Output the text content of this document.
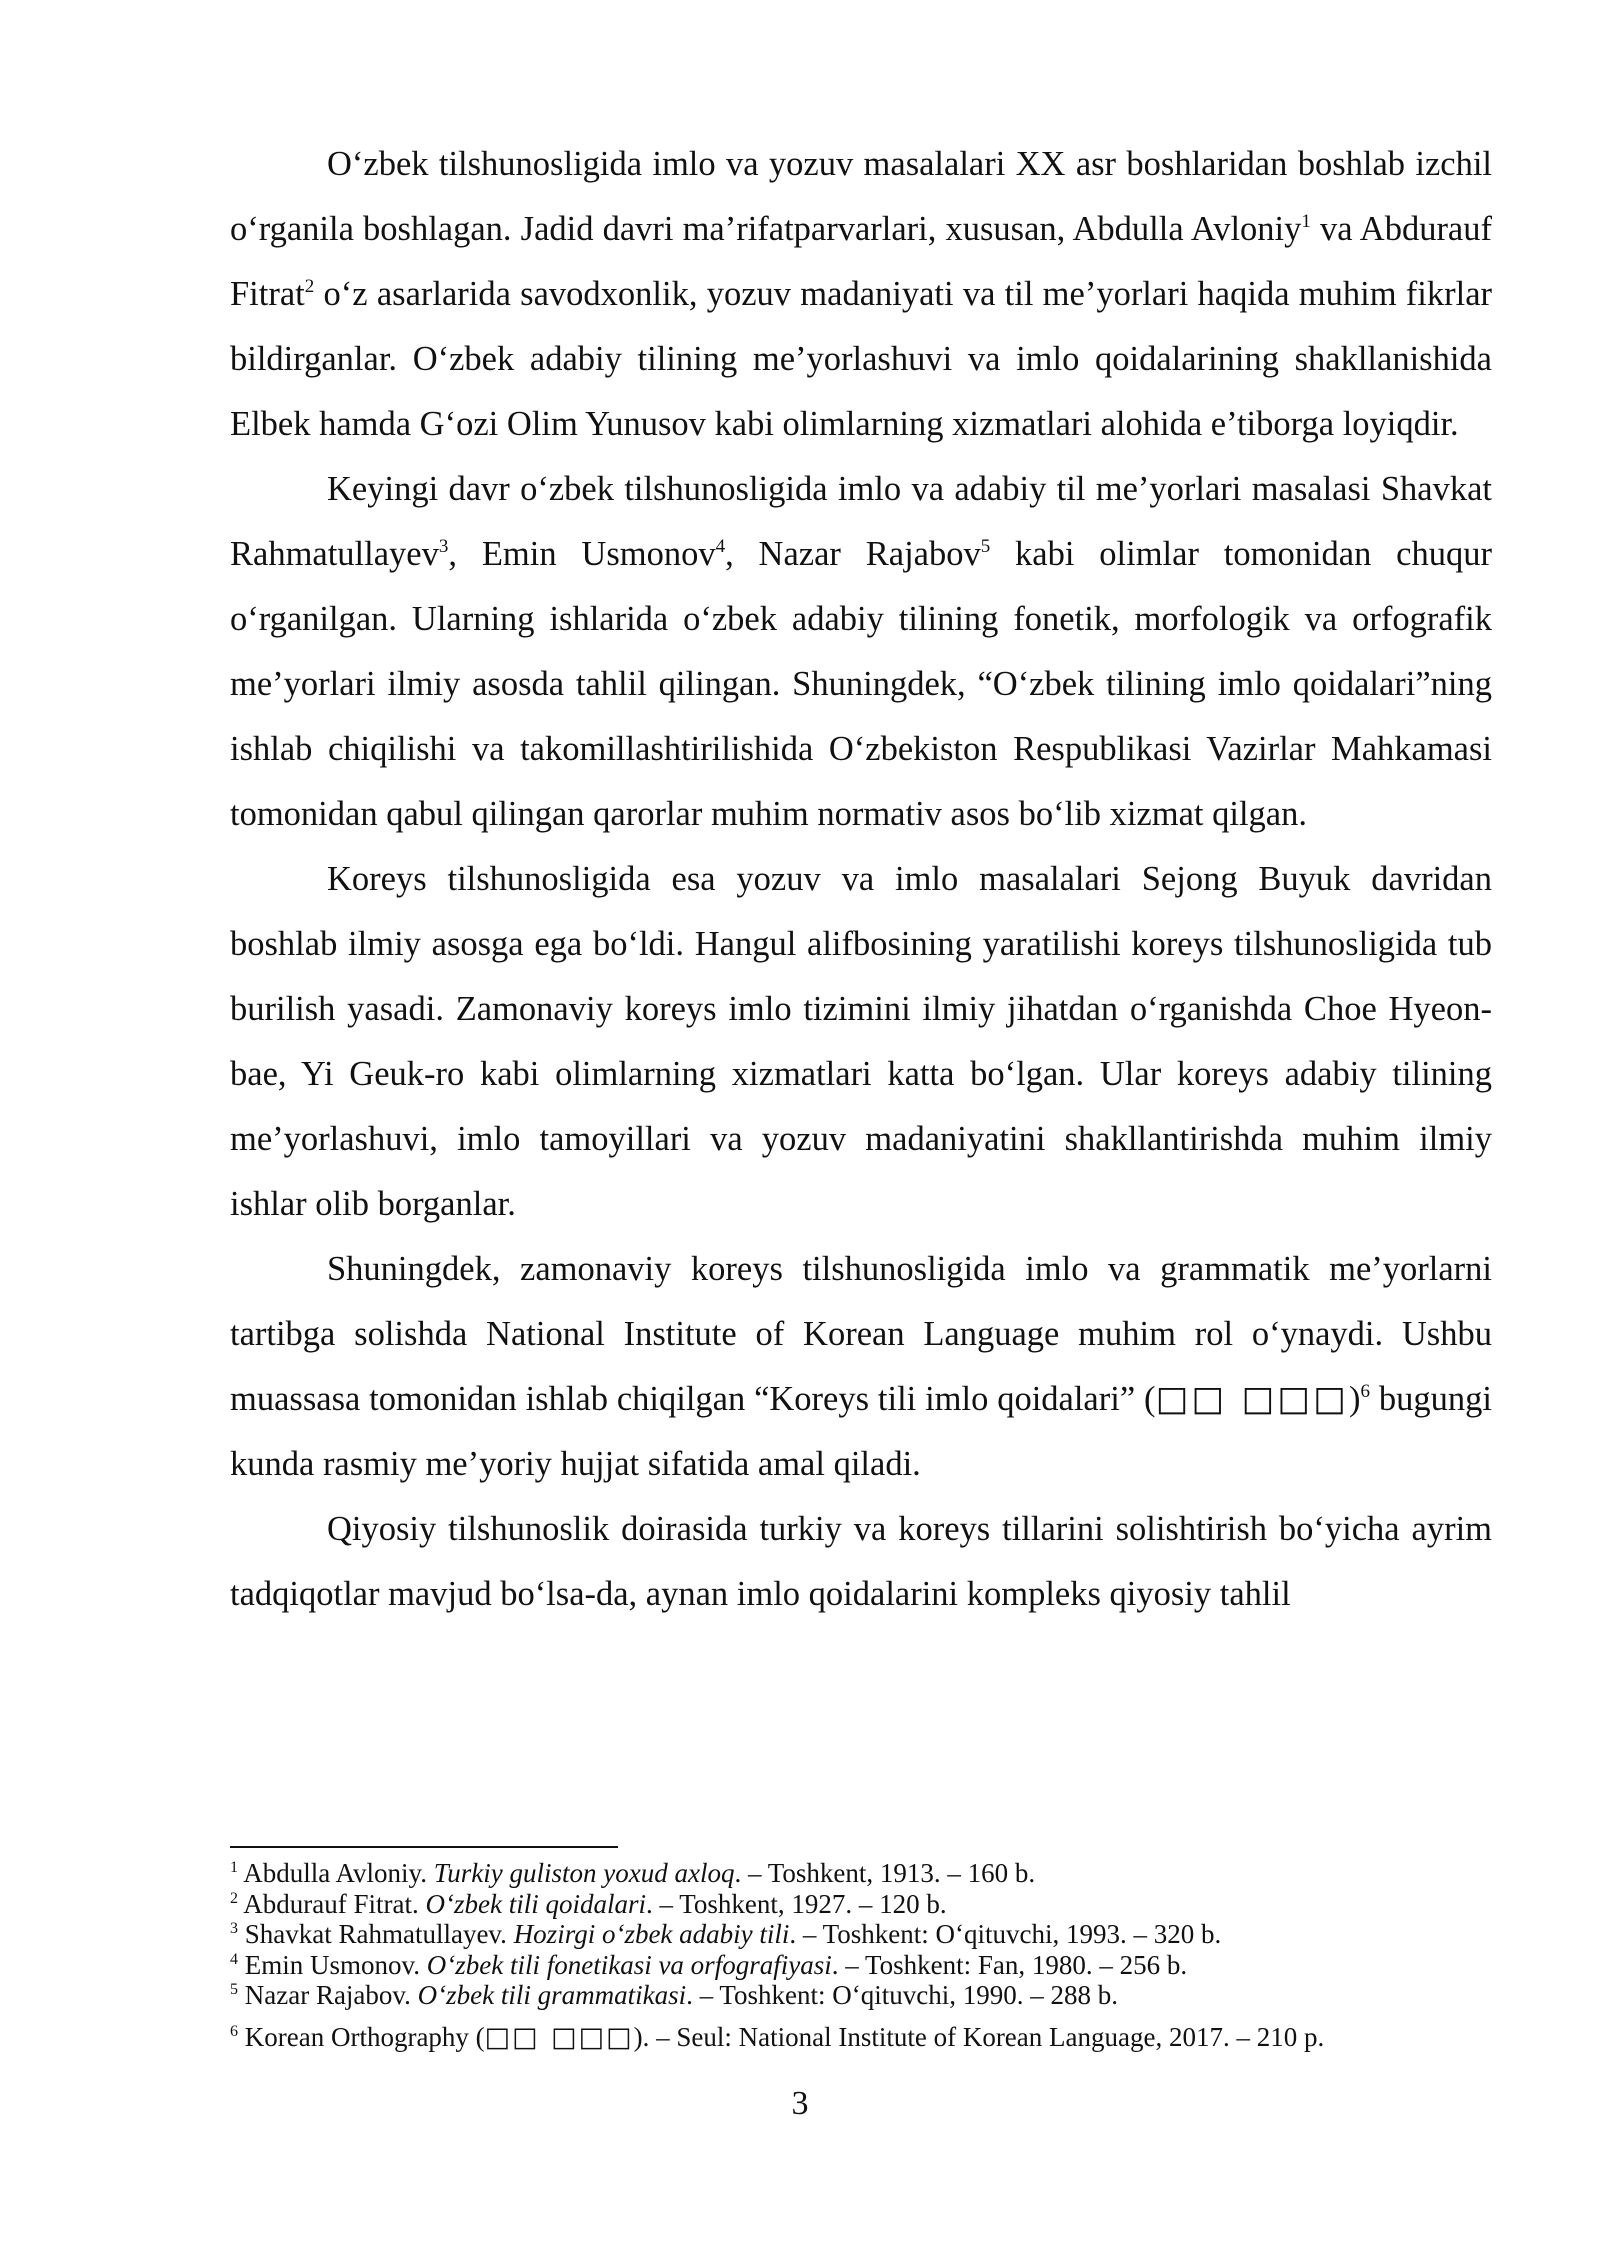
O‘zbek tilshunosligida imlo va yozuv masalalari XX asr boshlaridan boshlab izchil o‘rganila boshlagan. Jadid davri ma’rifatparvarlari, xususan, Abdulla Avloniy$^1$ va Abdurauf Fitrat$^2$ o‘z asarlarida savodxonlik, yozuv madaniyati va til me’yorlari haqida muhim fikrlar bildirganlar. O‘zbek adabiy tilining me’yorlashuvi va imlo qoidalarining shakllanishida Elbek hamda G‘ozi Olim Yunusov kabi olimlarning xizmatlari alohida e’tiborga loyiqdir.

Keyingi davr o‘zbek tilshunosligida imlo va adabiy til me’yorlari masalasi Shavkat Rahmatullayev$^3$, Emin Usmonov$^4$, Nazar Rajabov$^5$ kabi olimlar tomonidan chuqur o‘rganilgan. Ularning ishlarida o‘zbek adabiy tilining fonetik, morfologik va orfografik me’yorlari ilmiy asosda tahlil qilingan. Shuningdek, “O‘zbek tilining imlo qoidalari”ning ishlab chiqilishi va takomillashtirilishida O‘zbekiston Respublikasi Vazirlar Mahkamasi tomonidan qabul qilingan qarorlar muhim normativ asos bo‘lib xizmat qilgan.

Koreys tilshunosligida esa yozuv va imlo masalalari Sejong Buyuk davridan boshlab ilmiy asosga ega bo‘ldi. Hangul alifbosining yaratilishi koreys tilshunosligida tub burilish yasadi. Zamonaviy koreys imlo tizimini ilmiy jihatdan o‘rganishda Choe Hyeon-bae, Yi Geuk-ro kabi olimlarning xizmatlari katta bo‘lgan. Ular koreys adabiy tilining me’yorlashuvi, imlo tamoyillari va yozuv madaniyatini shakllantirishda muhim ilmiy ishlar olib borganlar.

Shuningdek, zamonaviy koreys tilshunosligida imlo va grammatik me’yorlarni tartibga solishda National Institute of Korean Language muhim rol o‘ynaydi. Ushbu muassasa tomonidan ishlab chiqilgan “Koreys tili imlo qoidalari” (□□ □□□)$^6$ bugungi kunda rasmiy me’yoriy hujjat sifatida amal qiladi.

Qiyosiy tilshunoslik doirasida turkiy va koreys tillarini solishtirish bo‘yicha ayrim tadqiqotlar mavjud bo‘lsa-da, aynan imlo qoidalarini kompleks qiyosiy tahlil

$^1$ Abdulla Avloniy. Turkiy guliston yoxud axloq. – Toshkent, 1913. – 160 b.

$^2$ Abdurauf Fitrat. O‘zbek tili qoidalari. – Toshkent, 1927. – 120 b.

$^3$ Shavkat Rahmatullayev. Hozirgi o‘zbek adabiy tili. – Toshkent: O‘qituvchi, 1993. – 320 b.

$^4$ Emin Usmonov. O‘zbek tili fonetikasi va orfografiyasi. – Toshkent: Fan, 1980. – 256 b.

$^5$ Nazar Rajabov. O‘zbek tili grammatikasi. – Toshkent: O‘qituvchi, 1990. – 288 b.

$^6$ Korean Orthography (□□ □□□). – Seul: National Institute of Korean Language, 2017. – 210 p.

3
